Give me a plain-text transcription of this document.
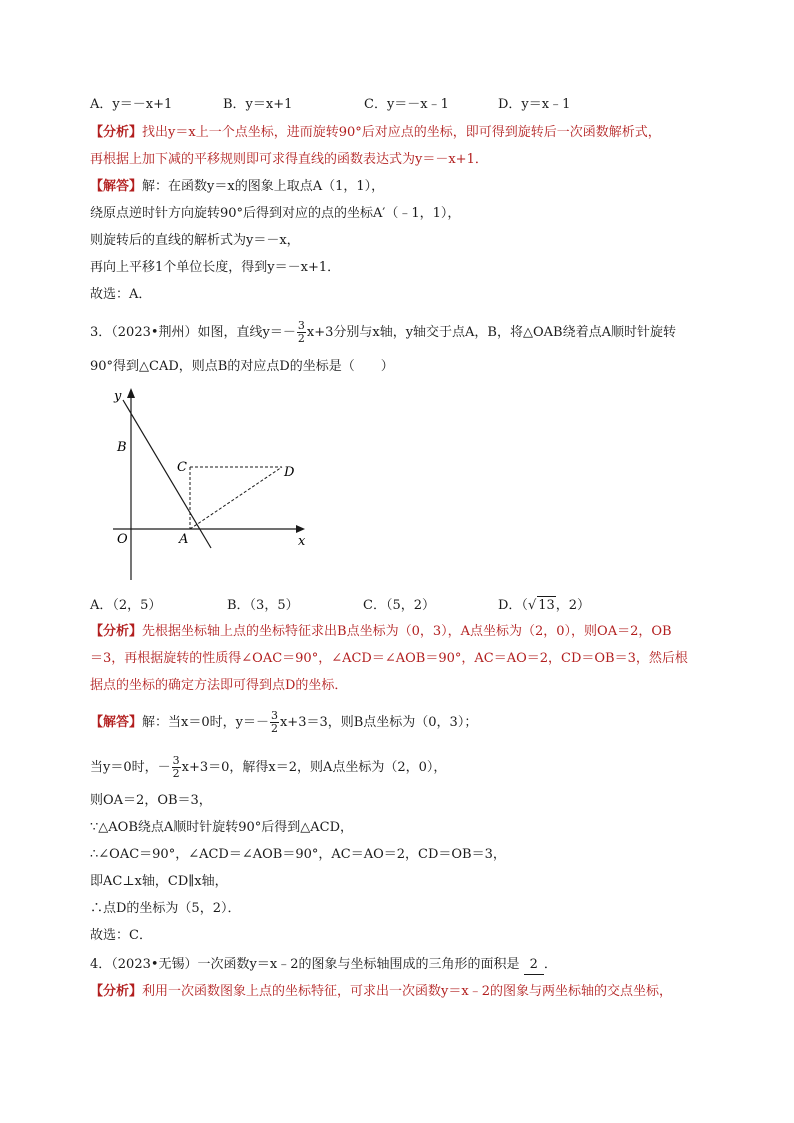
A．y＝－x+1	B．y＝x+1	C．y＝－x﹣1	D．y＝x﹣1
【分析】找出y＝x上一个点坐标，进而旋转90°后对应点的坐标，即可得到旋转后一次函数解析式，
再根据上加下减的平移规则即可求得直线的函数表达式为y＝－x+1．
【解答】解：在函数y＝x的图象上取点A（1，1），
绕原点逆时针方向旋转90°后得到对应的点的坐标A′（﹣1，1），
则旋转后的直线的解析式为y＝－x，
再向上平移1个单位长度，得到y＝－x+1．
故选：A．
3．（2023•荆州）如图，直线$y=- \frac{3}{2} x+3$分别与x轴，y轴交于点A，B，将△OAB绕着点A顺时针旋转
90°得到△CAD，则点B的对应点D的坐标是（　　）
y
x
O	A
B
C	D
A．（2，5）	B．（3，5）	C．（5，2）	D．（√ 13，2）
【分析】先根据坐标轴上点的坐标特征求出B点坐标为（0，3），A点坐标为（2，0），则OA＝2，OB
＝3，再根据旋转的性质得∠OAC＝90°，∠ACD＝∠AOB＝90°，AC＝AO＝2，CD＝OB＝3，然后根
据点的坐标的确定方法即可得到点D的坐标．
【解答】解：当x＝0时，$y=- \frac{3}{2} x+3=3$，则B点坐标为（0，3）；
当y＝0时，－ $\frac{3}{2} x+3=0$，解得x＝2，则A点坐标为（2，0），
则OA＝2，OB＝3，
∵△AOB绕点A顺时针旋转90°后得到△ACD，
∴∠OAC＝90°，∠ACD＝∠AOB＝90°，AC＝AO＝2，CD＝OB＝3，
即AC⊥x轴，CD∥x轴，
∴点D的坐标为（5，2）．
故选：C．
4．（2023•无锡）一次函数y＝x﹣2的图象与坐标轴围成的三角形的面积是 2 ．
【分析】利用一次函数图象上点的坐标特征，可求出一次函数y＝x﹣2的图象与两坐标轴的交点坐标，
